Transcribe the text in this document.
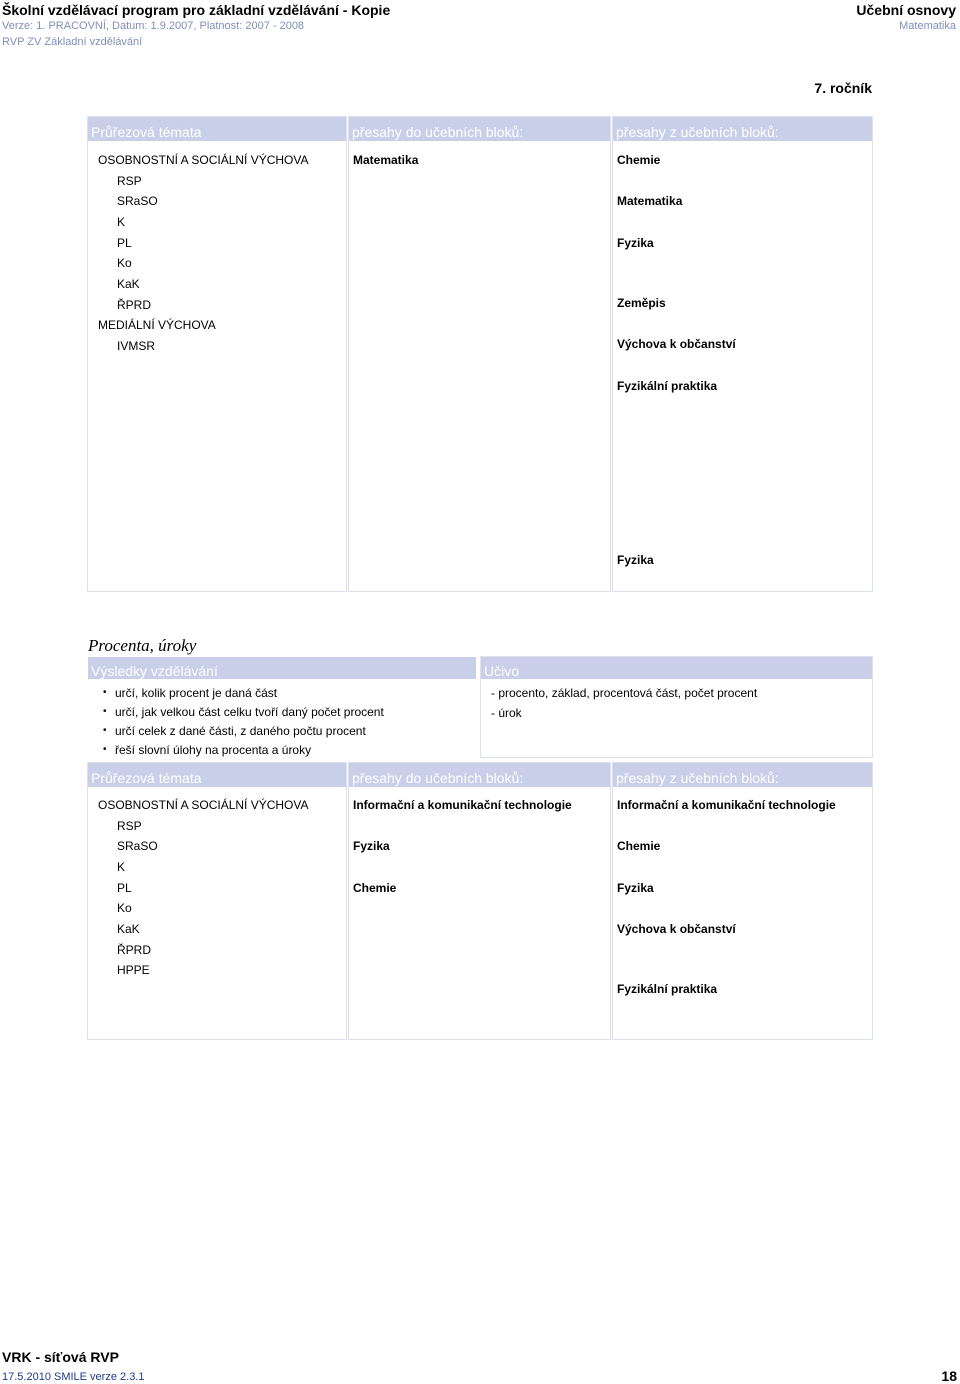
Školní vzdělávací program pro základní vzdělávání - Kopie
Verze: 1. PRACOVNÍ, Datum: 1.9.2007, Platnost: 2007 - 2008
RVP ZV Základní vzdělávání
Učební osnovy
Matematika
7. ročník
Průřezová témata
OSOBNOSTNÍ A SOCIÁLNÍ VÝCHOVA
RSP
SRaSO
K
PL
Ko
KaK
ŘPRD
MEDIÁLNÍ VÝCHOVA
IVMSR
přesahy do učebních bloků:
Matematika
přesahy z učebních bloků:
Chemie
Matematika
Fyzika
Zeměpis
Výchova k občanství
Fyzikální praktika
Fyzika
Procenta, úroky
Výsledky vzdělávání
• určí, kolik procent je daná část
• určí, jak velkou část celku tvoří daný počet procent
• určí celek z dané části, z daného počtu procent
• řeší slovní úlohy na procenta a úroky
Učivo
- procento, základ, procentová část, počet procent
- úrok
Průřezová témata
OSOBNOSTNÍ A SOCIÁLNÍ VÝCHOVA
RSP
SRaSO
K
PL
Ko
KaK
ŘPRD
HPPE
přesahy do učebních bloků:
Informační a komunikační technologie
Fyzika
Chemie
přesahy z učebních bloků:
Informační a komunikační technologie
Chemie
Fyzika
Výchova k občanství
Fyzikální praktika
VRK - síťová RVP
17.5.2010 SMILE verze 2.3.1	18
